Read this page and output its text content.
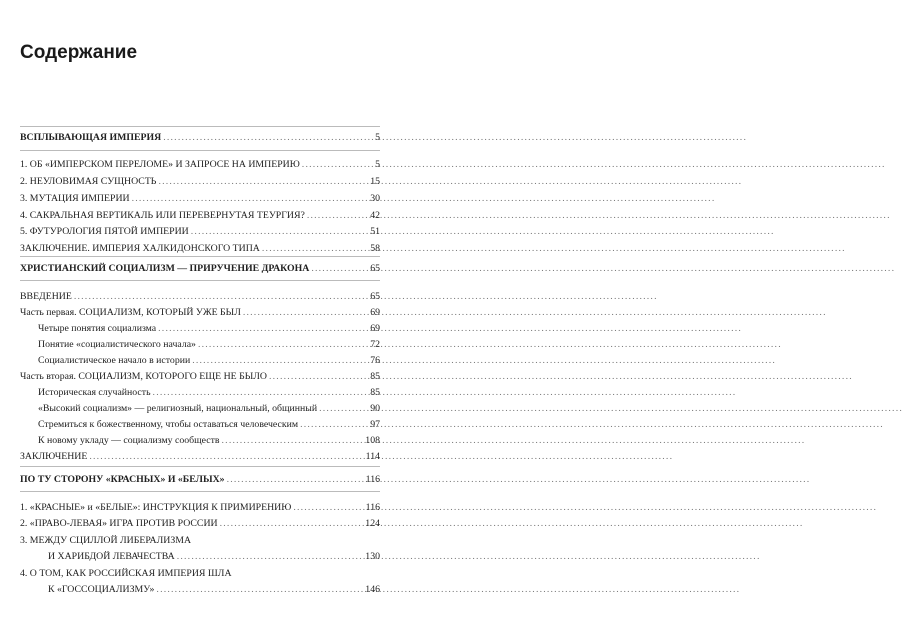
Содержание
ВСПЛЫВАЮЩАЯ ИМПЕРИЯ .....	5
1. ОБ «ИМПЕРСКОМ ПЕРЕЛОМЕ» И ЗАПРОСЕ НА ИМПЕРИЮ .....	5
2. НЕУЛОВИМАЯ СУЩНОСТЬ .....	15
3. МУТАЦИЯ ИМПЕРИИ .....	30
4. САКРАЛЬНАЯ ВЕРТИКАЛЬ ИЛИ ПЕРЕВЕРНУТАЯ ТЕУРГИЯ? .....	42
5. ФУТУРОЛОГИЯ ПЯТОЙ ИМПЕРИИ .....	51
ЗАКЛЮЧЕНИЕ. ИМПЕРИЯ ХАЛКИДОНСКОГО ТИПА .....	58
ХРИСТИАНСКИЙ СОЦИАЛИЗМ — ПРИРУЧЕНИЕ ДРАКОНА .....	65
ВВЕДЕНИЕ .....	65
Часть первая. СОЦИАЛИЗМ, КОТОРЫЙ УЖЕ БЫЛ .....	69
Четыре понятия социализма .....	69
Понятие «социалистического начала» .....	72
Социалистическое начало в истории .....	76
Часть вторая. СОЦИАЛИЗМ, КОТОРОГО ЕЩЕ НЕ БЫЛО .....	85
Историческая случайность .....	85
«Высокий социализм» — религиозный, национальный, общинный .....	90
Стремиться к божественному, чтобы оставаться человеческим .....	97
К новому укладу — социализму сообществ .....	108
ЗАКЛЮЧЕНИЕ .....	114
ПО ТУ СТОРОНУ «КРАСНЫХ» И «БЕЛЫХ» .....	116
1. «КРАСНЫЕ» и «БЕЛЫЕ»: ИНСТРУКЦИЯ К ПРИМИРЕНИЮ .....	116
2. «ПРАВО-ЛЕВАЯ» ИГРА ПРОТИВ РОССИИ .....	124
3. МЕЖДУ СЦИЛЛОЙ ЛИБЕРАЛИЗМА
И ХАРИБДОЙ ЛЕВАЧЕСТВА .....	130
4. О ТОМ, КАК РОССИЙСКАЯ ИМПЕРИЯ ШЛА
К «ГОССОЦИАЛИЗМУ» .....	146
